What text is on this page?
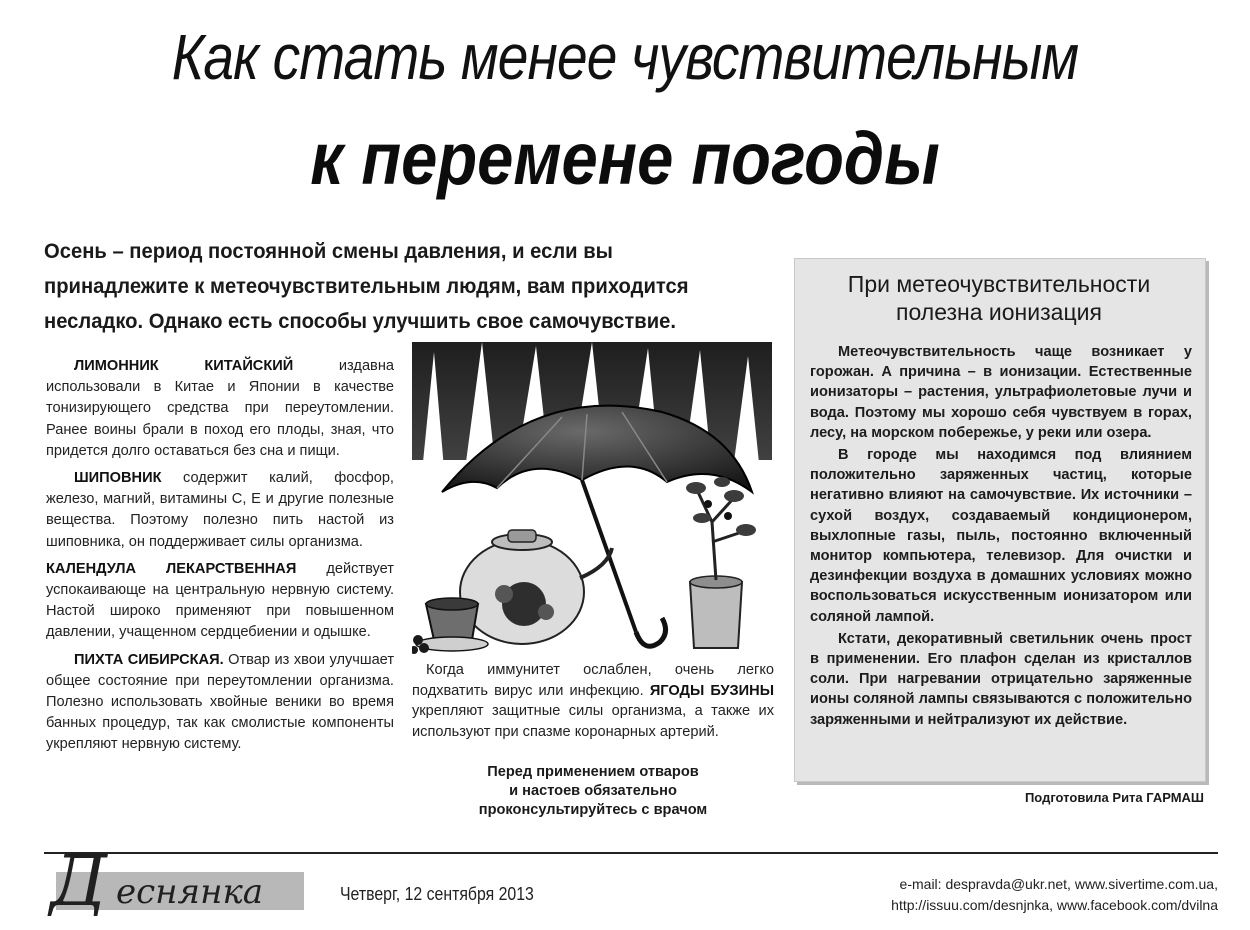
Как стать менее чувствительным
к перемене погоды
Осень – период постоянной смены давления, и если вы принадлежите к метеочувствительным людям, вам приходится несладко. Однако есть способы улучшить свое самочувствие.

ЛИМОННИК КИТАЙСКИЙ издавна использовали в Китае и Японии в качестве тонизирующего средства при переутомлении. Ранее воины брали в поход его плоды, зная, что придется долго оставаться без сна и пищи.

ШИПОВНИК содержит калий, фосфор, железо, магний, витамины С, Е и другие полезные вещества. Поэтому полезно пить настой из шиповника, он поддерживает силы организма.

КАЛЕНДУЛА ЛЕКАРСТВЕННАЯ действует успокаивающе на центральную нервную систему. Настой широко применяют при повышенном давлении, учащенном сердцебиении и одышке.

ПИХТА СИБИРСКАЯ. Отвар из хвои улучшает общее состояние при переутомлении организма. Полезно использовать хвойные веники во время банных процедур, так как смолистые компоненты укрепляют нервную систему.

Когда иммунитет ослаблен, очень легко подхватить вирус или инфекцию. ЯГОДЫ БУЗИНЫ укрепляют защитные силы организма, а также их используют при спазме коронарных артерий.

Перед применением отваров
и настоев обязательно
проконсультируйтесь с врачом
При метеочувствительности
полезна ионизация

Метеочувствительность чаще возникает у горожан. А причина – в ионизации. Естественные ионизаторы – растения, ультрафиолетовые лучи и вода. Поэтому мы хорошо себя чувствуем в горах, лесу, на морском побережье, у реки или озера.

В городе мы находимся под влиянием положительно заряженных частиц, которые негативно влияют на самочувствие. Их источники – сухой воздух, создаваемый кондиционером, выхлопные газы, пыль, постоянно включенный монитор компьютера, телевизор. Для очистки и дезинфекции воздуха в домашних условиях можно воспользоваться искусственным ионизатором или соляной лампой.

Кстати, декоративный светильник очень прост в применении. Его плафон сделан из кристаллов соли. При нагревании отрицательно заряженные ионы соляной лампы связываются с положительно заряженными и нейтрализуют их действие.

Подготовила Рита ГАРМАШ
Д еснянка	Четверг, 12 сентября 2013	e-mail: despravda@ukr.net, www.sivertime.com.ua,
http://issuu.com/desnjnka, www.facebook.com/dvilna
